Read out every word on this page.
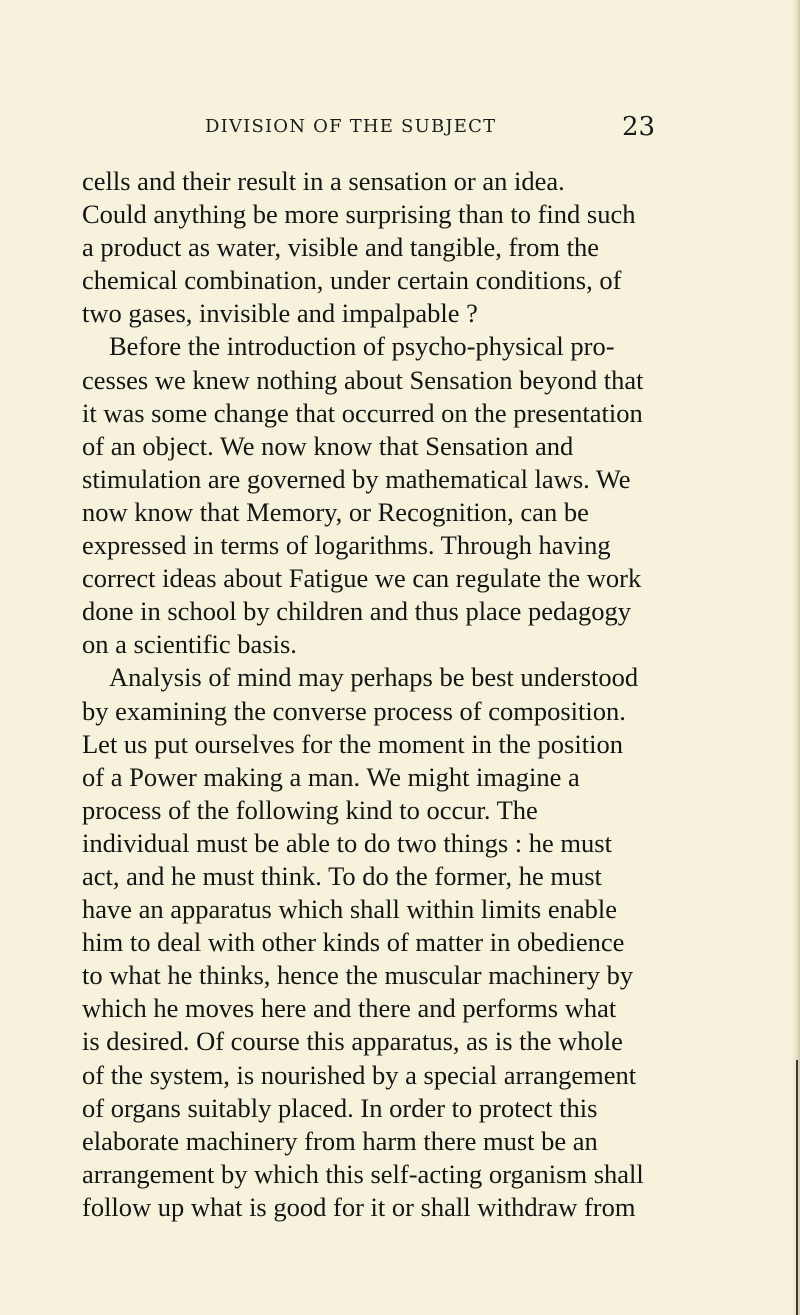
DIVISION OF THE SUBJECT	23
cells and their result in a sensation or an idea.
Could anything be more surprising than to find such
a product as water, visible and tangible, from the
chemical combination, under certain conditions, of
two gases, invisible and impalpable ?
Before the introduction of psycho-physical pro-
cesses we knew nothing about Sensation beyond that
it was some change that occurred on the presentation
of an object. We now know that Sensation and
stimulation are governed by mathematical laws. We
now know that Memory, or Recognition, can be
expressed in terms of logarithms. Through having
correct ideas about Fatigue we can regulate the work
done in school by children and thus place pedagogy
on a scientific basis.
Analysis of mind may perhaps be best understood
by examining the converse process of composition.
Let us put ourselves for the moment in the position
of a Power making a man. We might imagine a
process of the following kind to occur. The
individual must be able to do two things : he must
act, and he must think. To do the former, he must
have an apparatus which shall within limits enable
him to deal with other kinds of matter in obedience
to what he thinks, hence the muscular machinery by
which he moves here and there and performs what
is desired. Of course this apparatus, as is the whole
of the system, is nourished by a special arrangement
of organs suitably placed. In order to protect this
elaborate machinery from harm there must be an
arrangement by which this self-acting organism shall
follow up what is good for it or shall withdraw from
